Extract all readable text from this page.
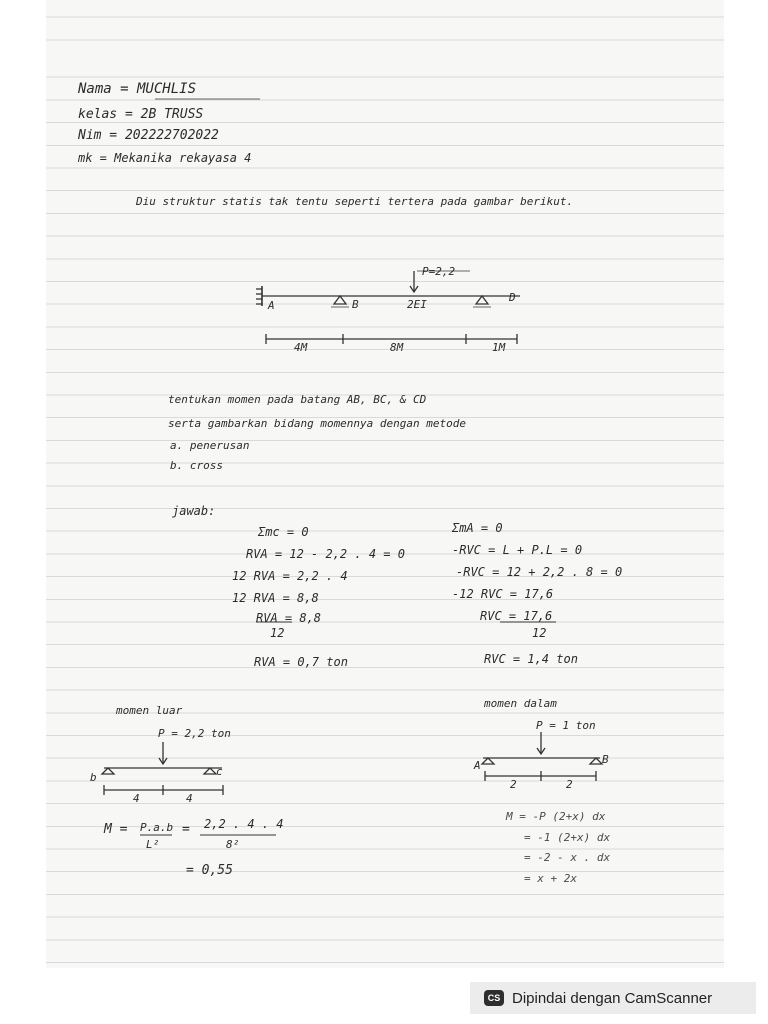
Nama = MUCHLIS
kelas = 2B TRUSS
Nim = 202222702022
mk = Mekanika rekayasa 4
Diu struktur statis tak tentu seperti tertera pada gambar berikut.
P=2,2
A	B	2EI
D
4M	8M	1M
tentukan momen pada batang AB, BC, & CD
serta gambarkan bidang momennya dengan metode
a. penerusan
b. cross
jawab:
Σmc = 0
RVA = 12 - 2,2 . 4 = 0
12 RVA = 2,2 . 4
12 RVA = 8,8
RVA = 8,8
12
RVA = 0,7 ton
ΣmA = 0
-RVC = L + P.L = 0
-RVC = 12 + 2,2 . 8 = 0
-12 RVC = 17,6
RVC = 17,6
12
RVC = 1,4 ton
momen luar
P = 2,2 ton
b	c
4	4
M = P.a.b
L²
= 2,2 . 4 . 4
8²
= 0,55
momen dalam
P = 1 ton
A	B
2	2
M = -P (2+x) dx
= -1 (2+x) dx
= -2 - x . dx
= x + 2x
CS Dipindai dengan CamScanner
